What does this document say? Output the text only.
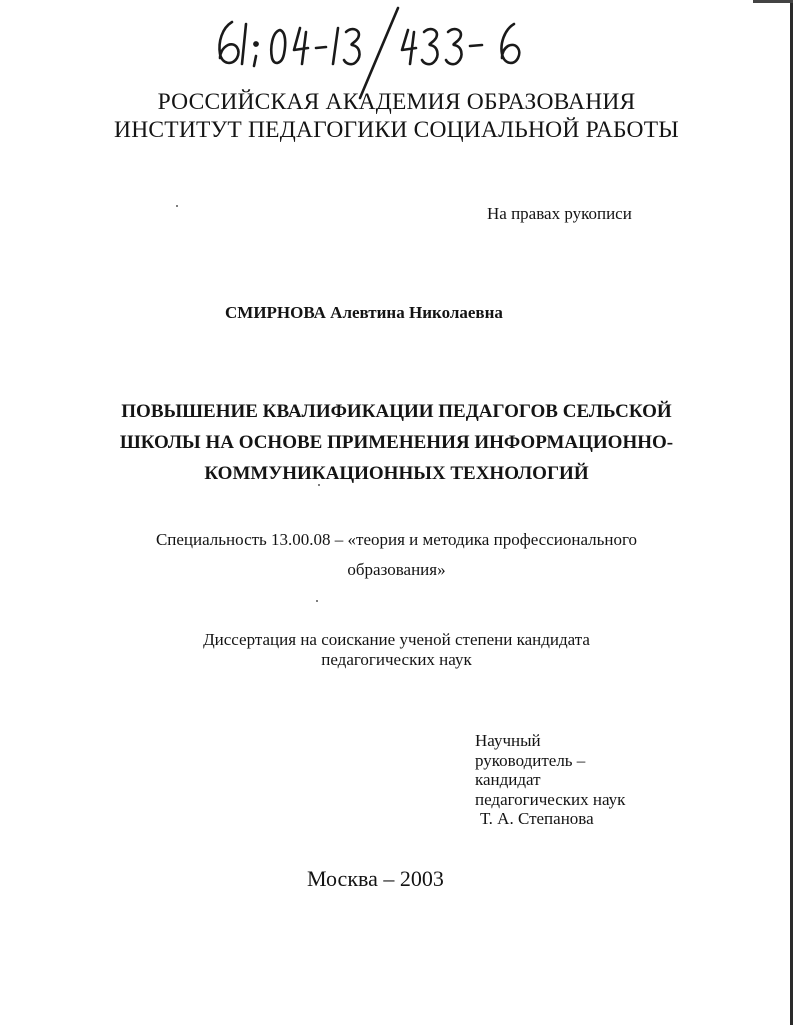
РОССИЙСКАЯ АКАДЕМИЯ ОБРАЗОВАНИЯ
ИНСТИТУТ ПЕДАГОГИКИ СОЦИАЛЬНОЙ РАБОТЫ
На правах рукописи
СМИРНОВА Алевтина Николаевна
ПОВЫШЕНИЕ КВАЛИФИКАЦИИ ПЕДАГОГОВ СЕЛЬСКОЙ
ШКОЛЫ НА ОСНОВЕ ПРИМЕНЕНИЯ ИНФОРМАЦИОННО-
КОММУНИКАЦИОННЫХ ТЕХНОЛОГИЙ
Специальность 13.00.08 – «теория и методика профессионального
образования»
Диссертация на соискание ученой степени кандидата
педагогических наук
Научный
руководитель –
кандидат
педагогических наук
Т. А. Степанова
Москва – 2003
